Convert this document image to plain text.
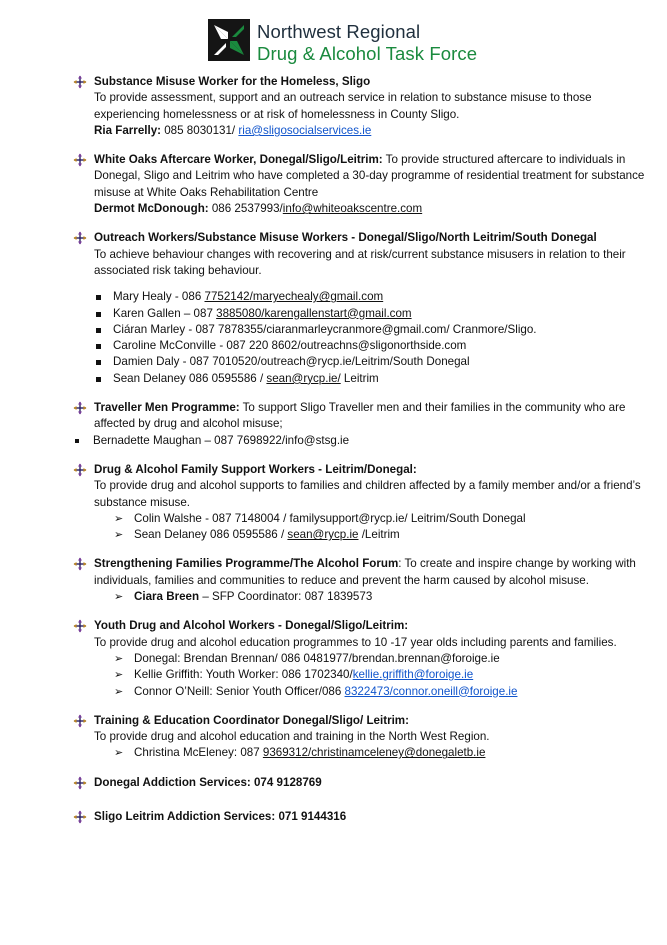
Northwest Regional
Drug & Alcohol Task Force
Substance Misuse Worker for the Homeless, Sligo
To provide assessment, support and an outreach service in relation to substance misuse to those experiencing homelessness or at risk of homelessness in County Sligo.
Ria Farrelly: 085 8030131/ ria@sligosocialservices.ie
White Oaks Aftercare Worker, Donegal/Sligo/Leitrim: To provide structured aftercare to individuals in Donegal, Sligo and Leitrim who have completed a 30-day programme of residential treatment for substance misuse at White Oaks Rehabilitation Centre
Dermot McDonough: 086 2537993/info@whiteoakscentre.com
Outreach Workers/Substance Misuse Workers - Donegal/Sligo/North Leitrim/South Donegal
To achieve behaviour changes with recovering and at risk/current substance misusers in relation to their associated risk taking behaviour.
Mary Healy - 086 7752142/maryechealy@gmail.com
Karen Gallen – 087 3885080/karengallenstart@gmail.com
Ciáran Marley - 087 7878355/ciaranmarleycranmore@gmail.com/ Cranmore/Sligo.
Caroline McConville - 087 220 8602/outreachns@sligonorthside.com
Damien Daly - 087 7010520/outreach@rycp.ie/Leitrim/South Donegal
Sean Delaney 086 0595586 / sean@rycp.ie/ Leitrim
Traveller Men Programme: To support Sligo Traveller men and their families in the community who are affected by drug and alcohol misuse;
Bernadette Maughan – 087 7698922/info@stsg.ie
Drug & Alcohol Family Support Workers - Leitrim/Donegal:
To provide drug and alcohol supports to families and children affected by a family member and/or a friend’s substance misuse.
➢ Colin Walshe - 087 7148004 / familysupport@rycp.ie/ Leitrim/South Donegal
➢ Sean Delaney 086 0595586 / sean@rycp.ie /Leitrim
Strengthening Families Programme/The Alcohol Forum: To create and inspire change by working with individuals, families and communities to reduce and prevent the harm caused by alcohol misuse.
➢ Ciara Breen – SFP Coordinator: 087 1839573
Youth Drug and Alcohol Workers - Donegal/Sligo/Leitrim:
To provide drug and alcohol education programmes to 10 -17 year olds including parents and families.
➢ Donegal: Brendan Brennan/ 086 0481977/brendan.brennan@foroige.ie
➢ Kellie Griffith: Youth Worker: 086 1702340/kellie.griffith@foroige.ie
➢ Connor O’Neill: Senior Youth Officer/086 8322473/connor.oneill@foroige.ie
Training & Education Coordinator Donegal/Sligo/ Leitrim:
To provide drug and alcohol education and training in the North West Region.
➢ Christina McEleney: 087 9369312/christinamceleney@donegaletb.ie
Donegal Addiction Services: 074 9128769
Sligo Leitrim Addiction Services: 071 9144316
